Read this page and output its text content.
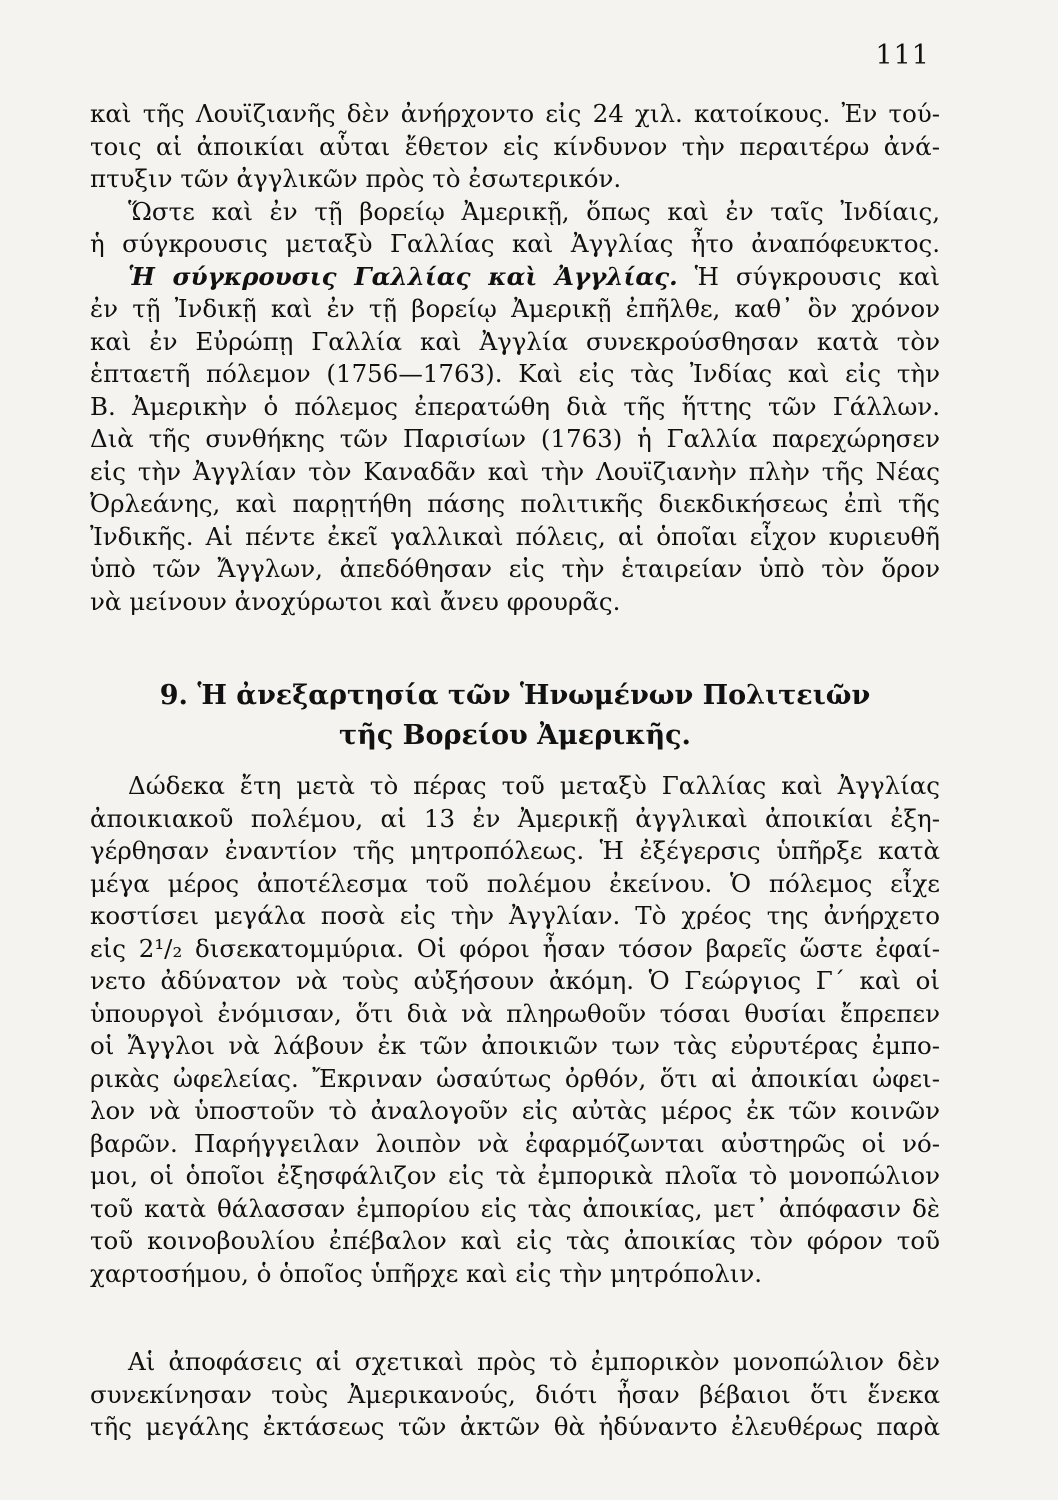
111
καὶ τῆς Λουϊζιανῆς δὲν ἀνήρχοντο εἰς 24 χιλ. κατοίκους. Ἐν τού-
τοις αἱ ἀποικίαι αὗται ἔθετον εἰς κίνδυνον τὴν περαιτέρω ἀνά-
πτυξιν τῶν ἀγγλικῶν πρὸς τὸ ἐσωτερικόν.
Ὥστε καὶ ἐν τῇ βορείῳ Ἀμερικῇ, ὅπως καὶ ἐν ταῖς Ἰνδίαις,
ἡ σύγκρουσις μεταξὺ Γαλλίας καὶ Ἀγγλίας ἦτο ἀναπόφευκτος.
Ἡ σύγκρουσις Γαλλίας καὶ Ἀγγλίας. Ἡ σύγκρουσις καὶ
ἐν τῇ Ἰνδικῇ καὶ ἐν τῇ βορείῳ Ἀμερικῇ ἐπῆλθε, καθ᾽ ὃν χρόνον
καὶ ἐν Εὐρώπῃ Γαλλία καὶ Ἀγγλία συνεκρούσθησαν κατὰ τὸν
ἑπταετῆ πόλεμον (1756—1763). Καὶ εἰς τὰς Ἰνδίας καὶ εἰς τὴν
Β. Ἀμερικὴν ὁ πόλεμος ἐπερατώθη διὰ τῆς ἥττης τῶν Γάλλων.
Διὰ τῆς συνθήκης τῶν Παρισίων (1763) ἡ Γαλλία παρεχώρησεν
εἰς τὴν Ἀγγλίαν τὸν Καναδᾶν καὶ τὴν Λουϊζιανὴν πλὴν τῆς Νέας
Ὀρλεάνης, καὶ παρῃτήθη πάσης πολιτικῆς διεκδικήσεως ἐπὶ τῆς
Ἰνδικῆς. Αἱ πέντε ἐκεῖ γαλλικαὶ πόλεις, αἱ ὁποῖαι εἶχον κυριευθῆ
ὑπὸ τῶν Ἄγγλων, ἀπεδόθησαν εἰς τὴν ἑταιρείαν ὑπὸ τὸν ὅρον
νὰ μείνουν ἀνοχύρωτοι καὶ ἄνευ φρουρᾶς.
9. Ἡ ἀνεξαρτησία τῶν Ἡνωμένων Πολιτειῶν
τῆς Βορείου Ἀμερικῆς.
Δώδεκα ἔτη μετὰ τὸ πέρας τοῦ μεταξὺ Γαλλίας καὶ Ἀγγλίας
ἀποικιακοῦ πολέμου, αἱ 13 ἐν Ἀμερικῇ ἀγγλικαὶ ἀποικίαι ἐξη-
γέρθησαν ἐναντίον τῆς μητροπόλεως. Ἡ ἐξέγερσις ὑπῆρξε κατὰ
μέγα μέρος ἀποτέλεσμα τοῦ πολέμου ἐκείνου. Ὁ πόλεμος εἶχε
κοστίσει μεγάλα ποσὰ εἰς τὴν Ἀγγλίαν. Τὸ χρέος της ἀνήρχετο
εἰς 2¹/₂ δισεκατομμύρια. Οἱ φόροι ἦσαν τόσον βαρεῖς ὥστε ἐφαί-
νετο ἀδύνατον νὰ τοὺς αὐξήσουν ἀκόμη. Ὁ Γεώργιος Γ΄ καὶ οἱ
ὑπουργοὶ ἐνόμισαν, ὅτι διὰ νὰ πληρωθοῦν τόσαι θυσίαι ἔπρεπεν
οἱ Ἄγγλοι νὰ λάβουν ἐκ τῶν ἀποικιῶν των τὰς εὐρυτέρας ἐμπο-
ρικὰς ὠφελείας. Ἔκριναν ὡσαύτως ὀρθόν, ὅτι αἱ ἀποικίαι ὠφει-
λον νὰ ὑποστοῦν τὸ ἀναλογοῦν εἰς αὐτὰς μέρος ἐκ τῶν κοινῶν
βαρῶν. Παρήγγειλαν λοιπὸν νὰ ἐφαρμόζωνται αὐστηρῶς οἱ νό-
μοι, οἱ ὁποῖοι ἐξησφάλιζον εἰς τὰ ἐμπορικὰ πλοῖα τὸ μονοπώλιον
τοῦ κατὰ θάλασσαν ἐμπορίου εἰς τὰς ἀποικίας, μετ᾽ ἀπόφασιν δὲ
τοῦ κοινοβουλίου ἐπέβαλον καὶ εἰς τὰς ἀποικίας τὸν φόρον τοῦ
χαρτοσήμου, ὁ ὁποῖος ὑπῆρχε καὶ εἰς τὴν μητρόπολιν.
Αἱ ἀποφάσεις αἱ σχετικαὶ πρὸς τὸ ἐμπορικὸν μονοπώλιον δὲν
συνεκίνησαν τοὺς Ἀμερικανούς, διότι ἦσαν βέβαιοι ὅτι ἕνεκα
τῆς μεγάλης ἐκτάσεως τῶν ἀκτῶν θὰ ἠδύναντο ἐλευθέρως παρὰ
